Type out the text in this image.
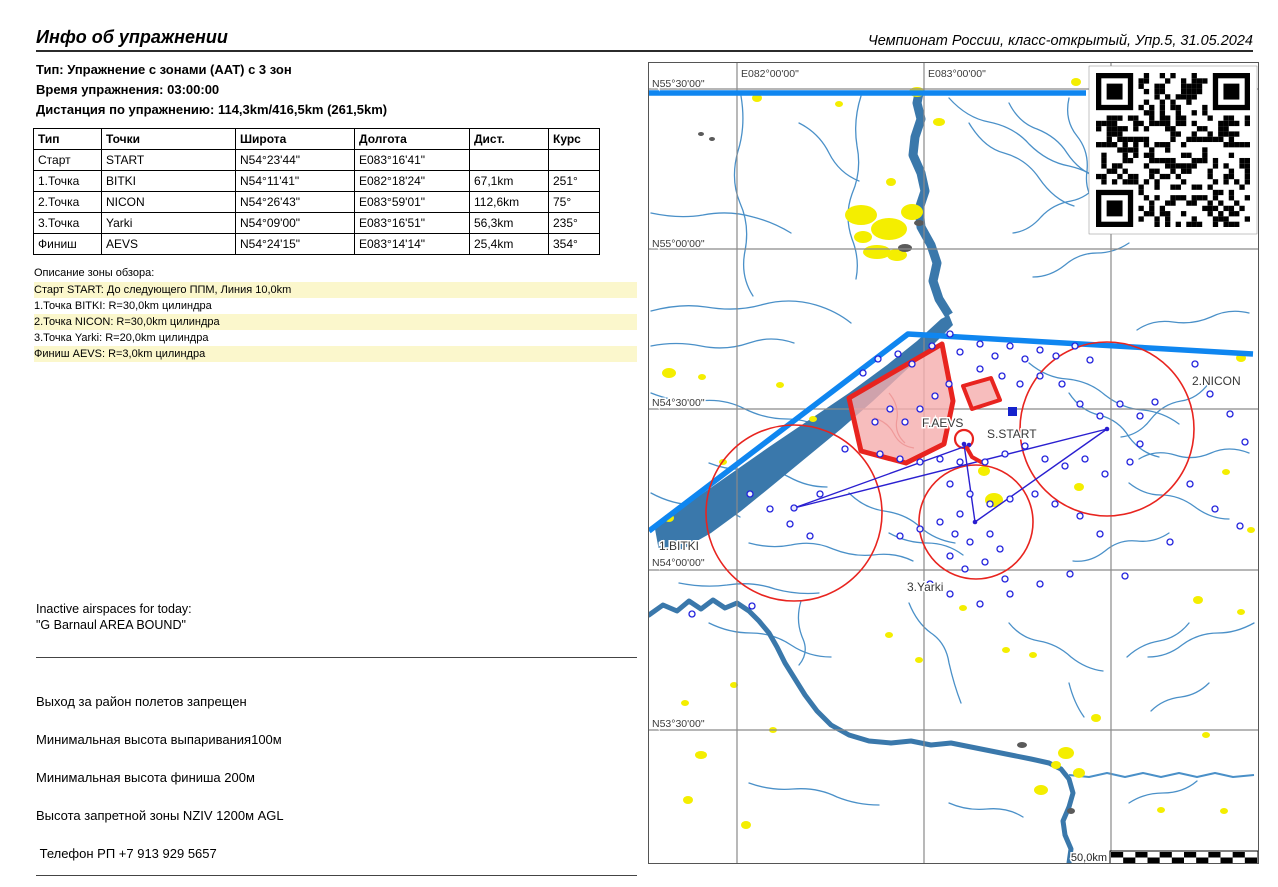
Инфо об упражнении	Чемпионат России, класс-открытый, Упр.5, 31.05.2024
Тип: Упражнение с зонами (AAT) с 3 зон
Время упражнения: 03:00:00
Дистанция по упражнению: 114,3km/416,5km (261,5km)
Тип	Точки	Широта	Долгота	Дист.	Курс
Старт	START	N54°23'44"	E083°16'41"		
1.Точка	BITKI	N54°11'41"	E082°18'24"	67,1km	251°
2.Точка	NICON	N54°26'43"	E083°59'01"	112,6km	75°
3.Точка	Yarki	N54°09'00"	E083°16'51"	56,3km	235°
Финиш	AEVS	N54°24'15"	E083°14'14"	25,4km	354°
Описание зоны обзора:
Старт START: До следующего ППМ, Линия 10,0km
1.Точка BITKI: R=30,0km цилиндра
2.Точка NICON: R=30,0km цилиндра
3.Точка Yarki: R=20,0km цилиндра
Финиш AEVS: R=3,0km цилиндра
Inactive airspaces for today:
"G Barnaul AREA BOUND"
Выход за район полетов запрещен
Минимальная высота выпаривания100м
Минимальная высота финиша 200м
Высота запретной зоны NZIV 1200м AGL
Телефон РП +7 913 929 5657
N55°30'00"
E082°00'00"	E083°00'00"
N55°00'00"
N54°30'00"
N54°00'00"
N53°30'00"
1.BITKI
3.Yarki
2.NICON
F.AEVS
S.START
50,0km
